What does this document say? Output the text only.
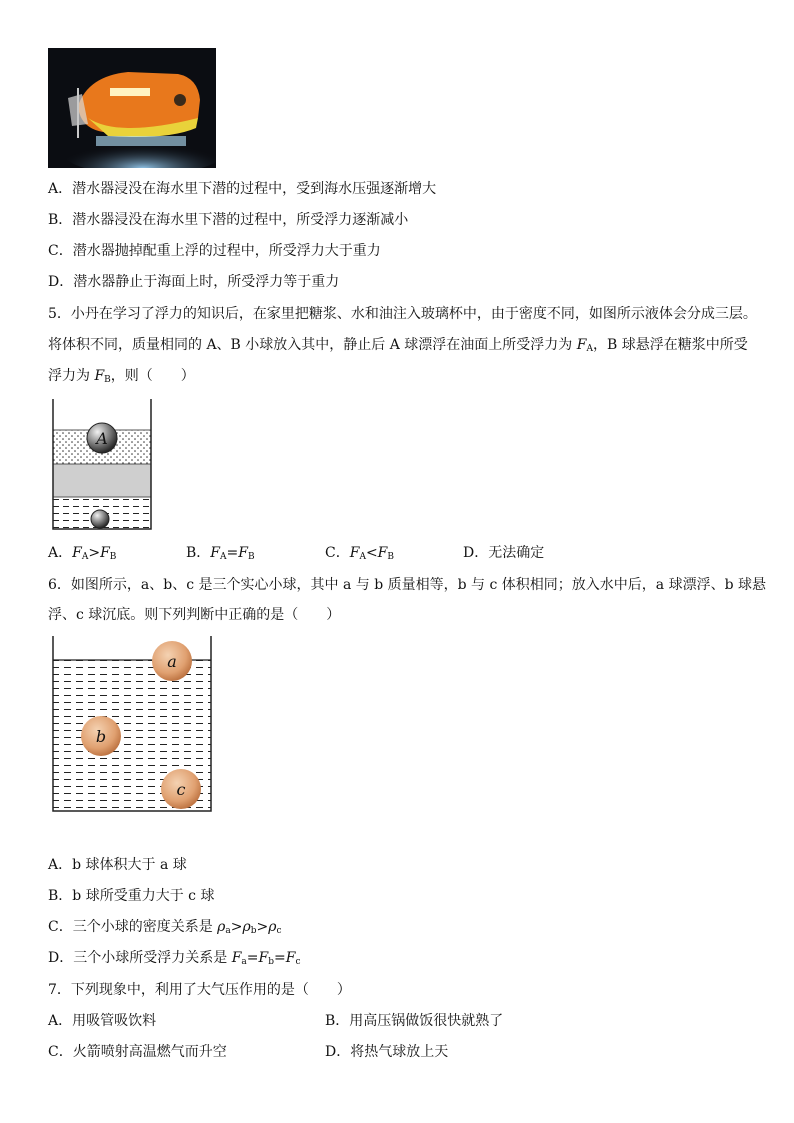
A．潜水器浸没在海水里下潜的过程中，受到海水压强逐渐增大
B．潜水器浸没在海水里下潜的过程中，所受浮力逐渐减小
C．潜水器抛掉配重上浮的过程中，所受浮力大于重力
D．潜水器静止于海面上时，所受浮力等于重力
5．小丹在学习了浮力的知识后，在家里把糖浆、水和油注入玻璃杯中，由于密度不同，如图所示液体会分成三层。
将体积不同，质量相同的 A、B 小球放入其中，静止后 A 球漂浮在油面上所受浮力为 $F_A$，B 球悬浮在糖浆中所受
浮力为 $F_B$，则（　　）
A
A．$F_A>F_B$	B．$F_A=F_B$	C．$F_A<F_B$	D．无法确定
6．如图所示，a、b、c 是三个实心小球，其中 a 与 b 质量相等，b 与 c 体积相同；放入水中后，a 球漂浮、b 球悬
浮、c 球沉底。则下列判断中正确的是（　　）
a
b
c
A．b 球体积大于 a 球
B．b 球所受重力大于 c 球
C．三个小球的密度关系是 $\rho_a>\rho_b>\rho_c$
D．三个小球所受浮力关系是 $F_a=F_b=F_c$
7．下列现象中，利用了大气压作用的是（　　）
A．用吸管吸饮料	B．用高压锅做饭很快就熟了
C．火箭喷射高温燃气而升空	D．将热气球放上天
